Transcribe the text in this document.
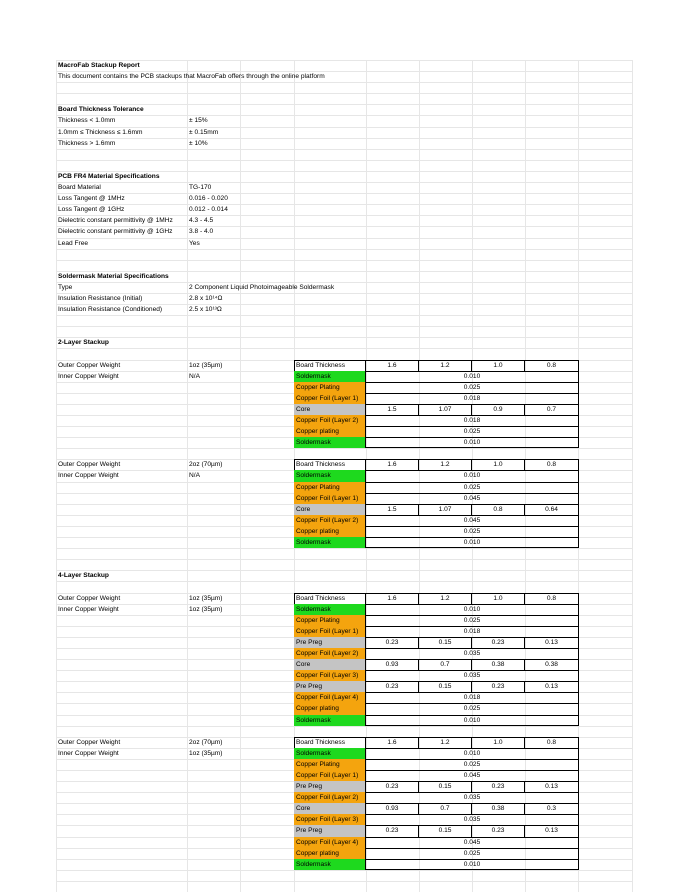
MacroFab Stackup Report
This document contains the PCB stackups that MacroFab offers through the online platform
Board Thickness Tolerance
Thickness < 1.0mm	± 15%
1.0mm ≤ Thickness ≤ 1.6mm	± 0.15mm
Thickness > 1.6mm	± 10%
PCB FR4 Material Specifications
Board Material	TG-170
Loss Tangent @ 1MHz	0.016 - 0.020
Loss Tangent @ 1GHz	0.012 - 0.014
Dielectric constant permittivity @ 1MHz	4.3 - 4.5
Dielectric constant permittivity @ 1GHz	3.8 - 4.0
Lead Free	Yes
Soldermask Material Specifications
Type	2 Component Liquid Photoimageable Soldermask
Insulation Resistance (Initial)	2.8 x 10¹⁴Ω
Insulation Resistance (Conditioned)	2.5 x 10¹³Ω
2-Layer Stackup
Outer Copper Weight	1oz (35µm)	Board Thickness	1.6	1.2	1.0	0.8
Inner Copper Weight	N/A	Soldermask	0.010
Copper Plating	0.025
Copper Foil (Layer 1)	0.018
Core	1.5	1.07	0.9	0.7
Copper Foil (Layer 2)	0.018
Copper plating	0.025
Soldermask	0.010
Outer Copper Weight	2oz (70µm)	Board Thickness	1.6	1.2	1.0	0.8
Inner Copper Weight	N/A	Soldermask	0.010
Copper Plating	0.025
Copper Foil (Layer 1)	0.045
Core	1.5	1.07	0.8	0.64
Copper Foil (Layer 2)	0.045
Copper plating	0.025
Soldermask	0.010
4-Layer Stackup
Outer Copper Weight	1oz (35µm)	Board Thickness	1.6	1.2	1.0	0.8
Inner Copper Weight	1oz (35µm)	Soldermask	0.010
Copper Plating	0.025
Copper Foil (Layer 1)	0.018
Pre Preg	0.23	0.15	0.23	0.13
Copper Foil (Layer 2)	0.035
Core	0.93	0.7	0.38	0.38
Copper Foil (Layer 3)	0.035
Pre Preg	0.23	0.15	0.23	0.13
Copper Foil (Layer 4)	0.018
Copper plating	0.025
Soldermask	0.010
Outer Copper Weight	2oz (70µm)	Board Thickness	1.6	1.2	1.0	0.8
Inner Copper Weight	1oz (35µm)	Soldermask	0.010
Copper Plating	0.025
Copper Foil (Layer 1)	0.045
Pre Preg	0.23	0.15	0.23	0.13
Copper Foil (Layer 2)	0.035
Core	0.93	0.7	0.38	0.3
Copper Foil (Layer 3)	0.035
Pre Preg	0.23	0.15	0.23	0.13
Copper Foil (Layer 4)	0.045
Copper plating	0.025
Soldermask	0.010
